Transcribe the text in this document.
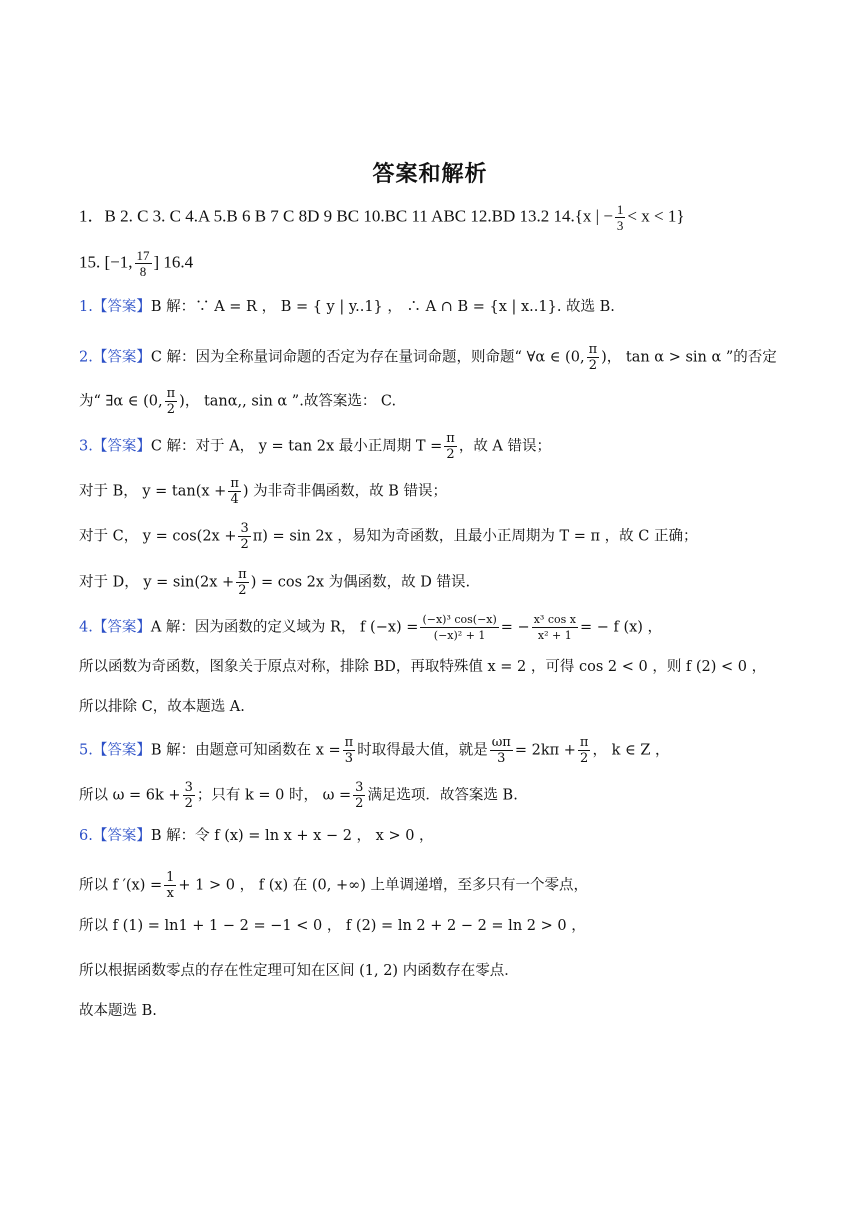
答案和解析
1．B 2. C 3. C 4.A 5.B 6 B 7 C 8D 9 BC 10.BC 11 ABC 12.BD 13.2 14.{x | − $\frac{1}{3} < x < 1$}
15. [−1, $\frac{17}{8}$ ] 16.4
1.【答案】B 解：∵ A = R ， B = { y | y..1} ， ∴ A ∩ B = {x | x..1}. 故选 B.
2.【答案】C 解：因为全称量词命题的否定为存在量词命题，则命题“ ∀α ∈ (0, $\frac{\pi}{2}$ )， tan α > sin α ”的否定
为“ ∃α ∈ (0, $\frac{\pi}{2}$ )， tanα,, sin α ”.故答案选： C.
3.【答案】C 解：对于 A， y = tan 2x 最小正周期 $T = \frac{\pi}{2}$ ，故 A 错误；
对于 B， $y = \tan(x + \frac{\pi}{4}$ ) 为非奇非偶函数，故 B 错误；
对于 C， $y = \cos(2x + \frac{3}{2} \pi) = \sin 2x$ ，易知为奇函数，且最小正周期为 T = π ，故 C 正确；
对于 D， $y = \sin(2x + \frac{\pi}{2}$ ) = cos 2x 为偶函数，故 D 错误.
4.【答案】A 解：因为函数的定义域为 R， f $(-x) = \frac{\text{(−x)³ cos(−x)}}{\text{(−x)² + 1}}$ = − $\frac{\text{x³ cos x}}{\text{x² + 1}}$ = − f (x) ，
所以函数为奇函数，图象关于原点对称，排除 BD，再取特殊值 x = 2 ，可得 cos 2 < 0 ，则 f (2) < 0 ，
所以排除 C，故本题选 A.
5.【答案】B 解：由题意可知函数在 $x = \frac{\pi}{3}$ 时取得最大值，就是 $\frac{\omega\pi}{3} = 2k\pi + \frac{\pi}{2}$ ， k ∈ Z ，
所以 $\omega = 6k + \frac{3}{2}$ ；只有 k = 0 时， $\omega = \frac{3}{2}$ 满足选项．故答案选 B.
6.【答案】B 解：令 f (x) = ln x + x − 2 ， x > 0 ，
所以 f $'(x) = \frac{1}{x} + 1 > 0$ ， f (x) 在 (0, +∞) 上单调递增，至多只有一个零点，
所以 f (1) = ln1 + 1 − 2 = −1 < 0 ， f (2) = ln 2 + 2 − 2 = ln 2 > 0 ，
所以根据函数零点的存在性定理可知在区间 (1, 2) 内函数存在零点．
故本题选 B.
